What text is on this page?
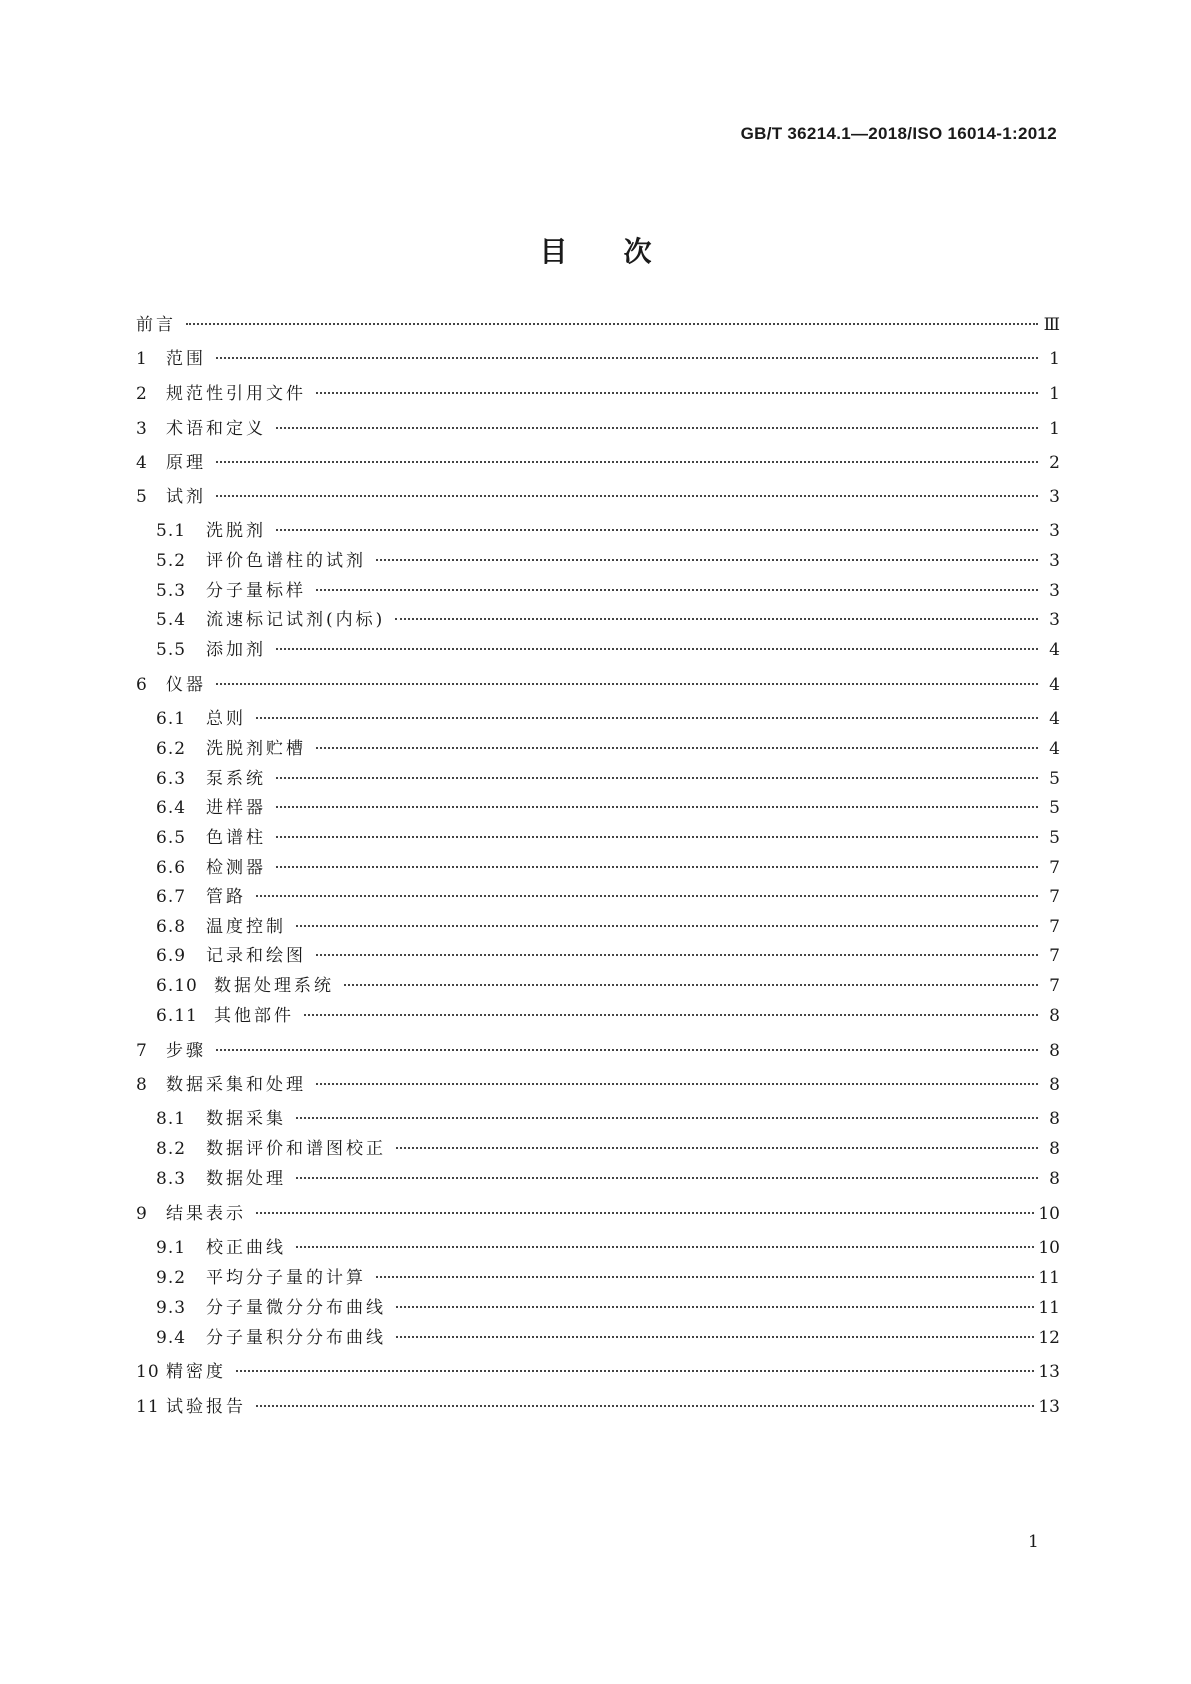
GB/T 36214.1—2018/ISO 16014-1:2012
目次
前言	Ⅲ
1	范围	1
2	规范性引用文件	1
3	术语和定义	1
4	原理	2
5	试剂	3
5.1	洗脱剂	3
5.2	评价色谱柱的试剂	3
5.3	分子量标样	3
5.4	流速标记试剂(内标)	3
5.5	添加剂	4
6	仪器	4
6.1	总则	4
6.2	洗脱剂贮槽	4
6.3	泵系统	5
6.4	进样器	5
6.5	色谱柱	5
6.6	检测器	7
6.7	管路	7
6.8	温度控制	7
6.9	记录和绘图	7
6.10 数据处理系统	7
6.11 其他部件	8
7	步骤	8
8	数据采集和处理	8
8.1	数据采集	8
8.2	数据评价和谱图校正	8
8.3	数据处理	8
9	结果表示	10
9.1	校正曲线	10
9.2	平均分子量的计算	11
9.3	分子量微分分布曲线	11
9.4	分子量积分分布曲线	12
10 精密度	13
11 试验报告	13
1
